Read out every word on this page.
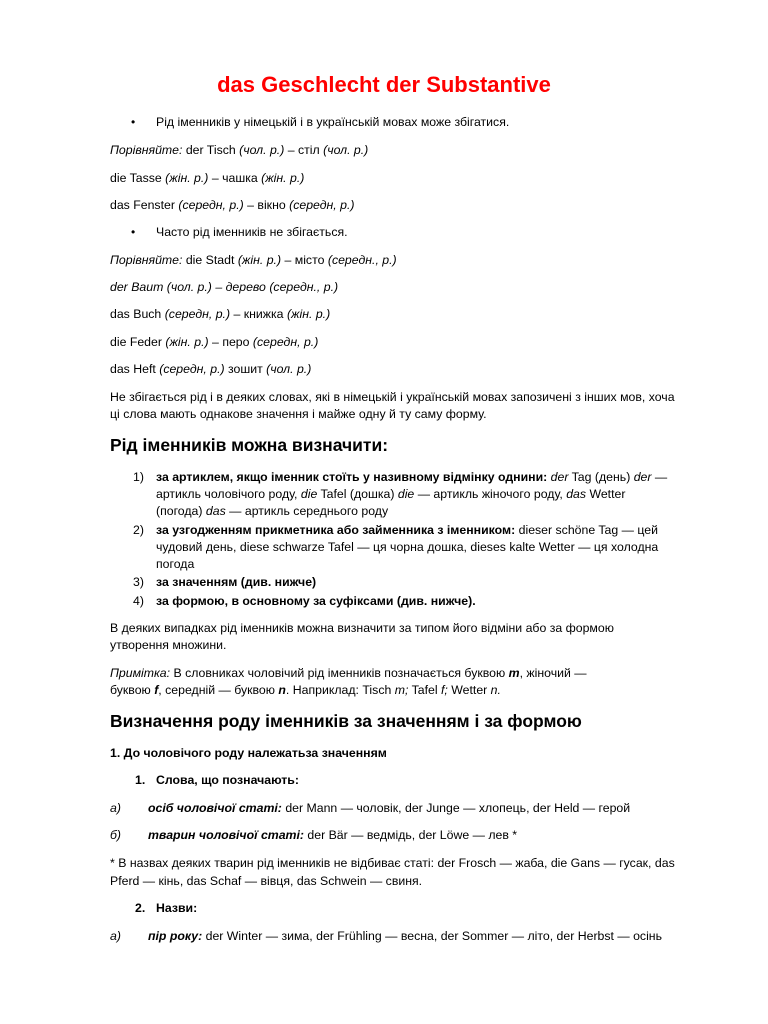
das Geschlecht der Substantive
• Рід іменників у німецькій і в українській мовах може збігатися.
Порівняйте: der Tisch (чол. р.) – стіл (чол. р.)
die Tasse (жін. р.) – чашка (жін. р.)
das Fenster (середн, р.) – вікно (середн, р.)
• Часто рід іменників не збігається.
Порівняйте: die Stadt (жін. р.) – місто (середн., р.)
der Baum (чол. р.) – дерево (середн., р.)
das Buch (середн, р.) – книжка (жін. р.)
die Feder (жін. р.) – перо (середн, р.)
das Heft (середн, р.) зошит (чол. р.)
Не збігається рід і в деяких словах, які в німецькій і українській мовах запозичені з інших мов, хоча
ці слова мають однакове значення і майже одну й ту саму форму.
Рід іменників можна визначити:
1) за артиклем, якщо іменник стоїть у називному відмінку однини: der Tag (день) der —
артикль чоловічого роду, die Tafel (дошка) die — артикль жіночого роду, das Wetter
(погода) das — артикль середнього роду
2) за узгодженням прикметника або займенника з іменником: dieser schöne Tag — цей
чудовий день, diese schwarze Tafel — ця чорна дошка, dieses kalte Wetter — ця холодна
погода
3) за значенням (див. нижче)
4) за формою, в основному за суфіксами (див. нижче).
В деяких випадках рід іменників можна визначити за типом його відміни або за формою
утворення множини.
Примітка: В словниках чоловічий рід іменників позначається буквою m, жіночий —
буквою f, середній — буквою n. Наприклад: Tisch m; Tafel f; Wetter n.
Визначення роду іменників за значенням і за формою
1. До чоловічого роду належатьза значенням
1. Слова, що позначають:
а) осіб чоловічої статі: der Mann — чоловік, der Junge — хлопець, der Held — герой
б) тварин чоловічої статі: der Bär — ведмідь, der Löwe — лев *
* В назвах деяких тварин рід іменників не відбиває статі: der Frosch — жаба, die Gans — гусак, das
Pferd — кінь, das Schaf — вівця, das Schwein — свиня.
2. Назви:
а) пір року: der Winter — зима, der Frühling — весна, der Sommer — літо, der Herbst — осінь
